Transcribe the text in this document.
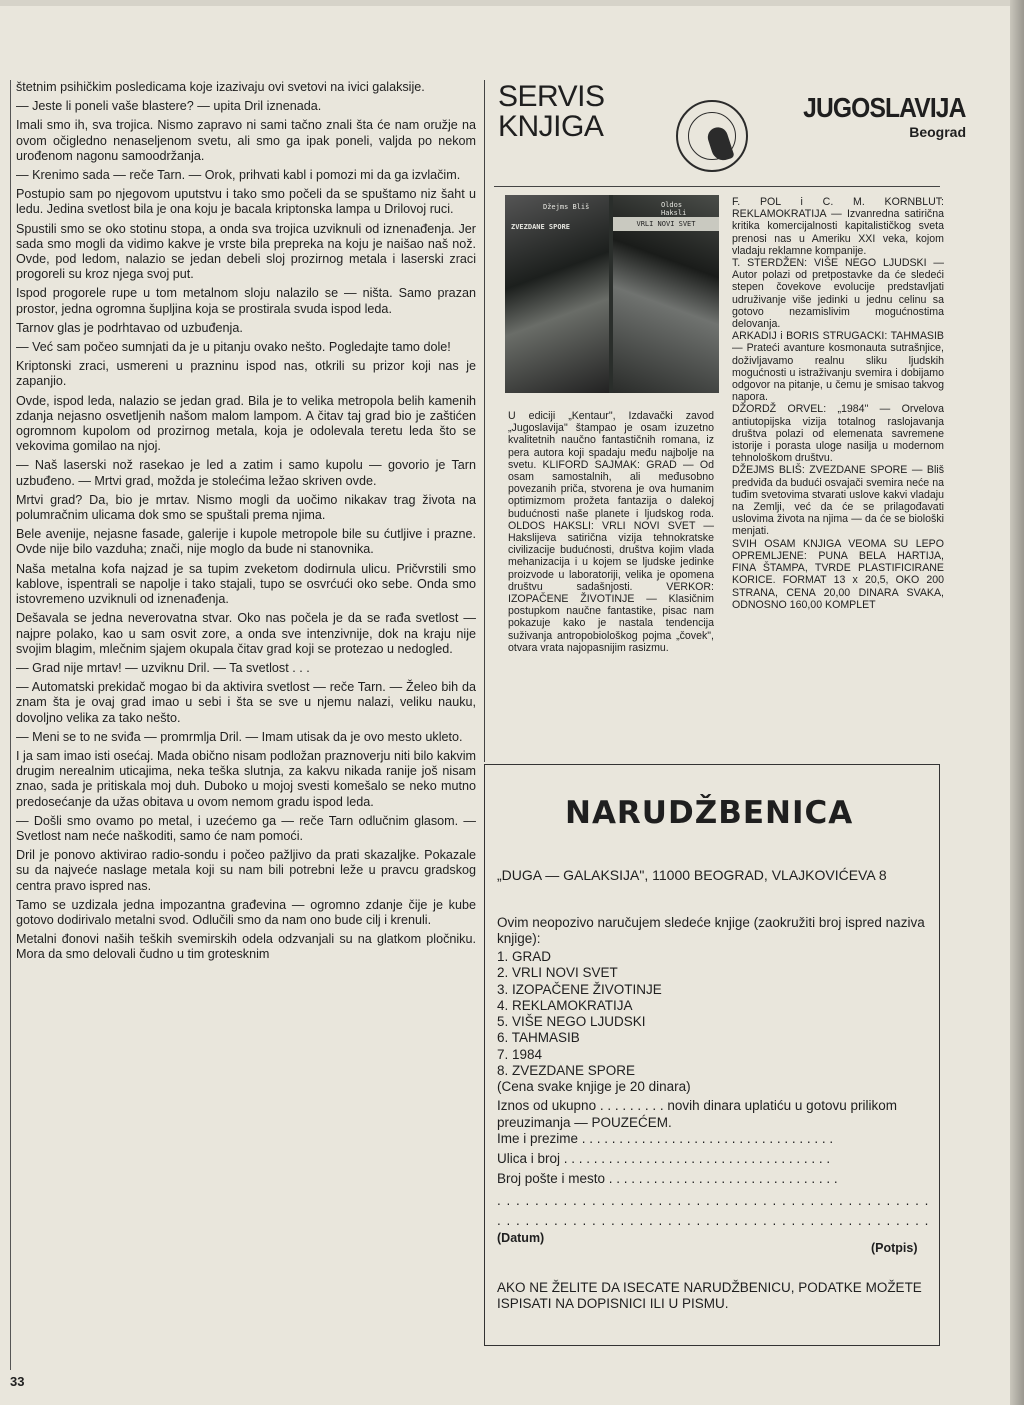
štetnim psihičkim posledicama koje izazivaju ovi svetovi na ivici galaksije.

— Jeste li poneli vaše blastere? — upita Dril iznenada.

Imali smo ih, sva trojica. Nismo zapravo ni sami tačno znali šta će nam oružje na ovom očigledno nenaseljenom svetu, ali smo ga ipak poneli, valjda po nekom urođenom nagonu samoodržanja.

— Krenimo sada — reče Tarn. — Orok, prihvati kabl i pomozi mi da ga izvlačim.

Postupio sam po njegovom uputstvu i tako smo počeli da se spuštamo niz šaht u ledu. Jedina svetlost bila je ona koju je bacala kriptonska lampa u Drilovoj ruci.

Spustili smo se oko stotinu stopa, a onda sva trojica uzviknuli od iznenađenja. Jer sada smo mogli da vidimo kakve je vrste bila prepreka na koju je naišao naš nož. Ovde, pod ledom, nalazio se jedan debeli sloj prozirnog metala i laserski zraci progoreli su kroz njega svoj put.

Ispod progorele rupe u tom metalnom sloju nalazilo se — ništa. Samo prazan prostor, jedna ogromna šupljina koja se prostirala svuda ispod leda.

Tarnov glas je podrhtavao od uzbuđenja.

— Već sam počeo sumnjati da je u pitanju ovako nešto. Pogledajte tamo dole!

Kriptonski zraci, usmereni u prazninu ispod nas, otkrili su prizor koji nas je zapanjio.

Ovde, ispod leda, nalazio se jedan grad. Bila je to velika metropola belih kamenih zdanja nejasno osvetljenih našom malom lampom. A čitav taj grad bio je zaštićen ogromnom kupolom od prozirnog metala, koja je odolevala teretu leda što se vekovima gomilao na njoj.

— Naš laserski nož rasekao je led a zatim i samo kupolu — govorio je Tarn uzbuđeno. — Mrtvi grad, možda je stolećima ležao skriven ovde.

Mrtvi grad? Da, bio je mrtav. Nismo mogli da uočimo nikakav trag života na polumračnim ulicama dok smo se spuštali prema njima.

Bele avenije, nejasne fasade, galerije i kupole metropole bile su ćutljive i prazne. Ovde nije bilo vazduha; znači, nije moglo da bude ni stanovnika.

Naša metalna kofa najzad je sa tupim zveketom dodirnula ulicu. Pričvrstili smo kablove, ispentrali se napolje i tako stajali, tupo se osvrćući oko sebe. Onda smo istovremeno uzviknuli od iznenađenja.

Dešavala se jedna neverovatna stvar. Oko nas počela je da se rađa svetlost — najpre polako, kao u sam osvit zore, a onda sve intenzivnije, dok na kraju nije svojim blagim, mlečnim sjajem okupala čitav grad koji se protezao u nedogled.

— Grad nije mrtav! — uzviknu Dril. — Ta svetlost . . .

— Automatski prekidač mogao bi da aktivira svetlost — reče Tarn. — Želeo bih da znam šta je ovaj grad imao u sebi i šta se sve u njemu nalazi, veliku nauku, dovoljno velika za tako nešto.

— Meni se to ne sviđa — promrmlja Dril. — Imam utisak da je ovo mesto ukleto.

I ja sam imao isti osećaj. Mada obično nisam podložan praznoverju niti bilo kakvim drugim nerealnim uticajima, neka teška slutnja, za kakvu nikada ranije još nisam znao, sada je pritiskala moj duh. Duboko u mojoj svesti komešalo se neko mutno predosećanje da užas obitava u ovom nemom gradu ispod leda.

— Došli smo ovamo po metal, i uzećemo ga — reče Tarn odlučnim glasom. — Svetlost nam neće naškoditi, samo će nam pomoći.

Dril je ponovo aktivirao radio-sondu i počeo pažljivo da prati skazaljke. Pokazale su da najveće naslage metala koji su nam bili potrebni leže u pravcu gradskog centra pravo ispred nas.

Tamo se uzdizala jedna impozantna građevina — ogromno zdanje čije je kube gotovo dodirivalo metalni svod. Odlučili smo da nam ono bude cilj i krenuli.

Metalni đonovi naših teških svemirskih odela odzvanjali su na glatkom pločniku. Mora da smo delovali čudno u tim grotesknim

33
SERVIS
KNJIGA
JUGOSLAVIJA
Beograd
Džejms Bliš
ZVEZDANE SPORE
Oldos Haksli
VRLI NOVI SVET
U ediciji „Kentaur", Izdavački zavod „Jugoslavija" štampao je osam izuzetno kvalitetnih naučno fantastičnih romana, iz pera autora koji spadaju među najbolje na svetu. KLIFORD SAJMAK: GRAD — Od osam samostalnih, ali međusobno povezanih priča, stvorena je ova humanim optimizmom prožeta fantazija o dalekoj budućnosti naše planete i ljudskog roda. OLDOS HAKSLI: VRLI NOVI SVET — Hakslijeva satirična vizija tehnokratske civilizacije budućnosti, društva kojim vlada mehanizacija i u kojem se ljudske jedinke proizvode u laboratoriji, velika je opomena društvu sadašnjosti. VERKOR: IZOPAČENE ŽIVOTINJE — Klasičnim postupkom naučne fantastike, pisac nam pokazuje kako je nastala tendencija suživanja antropobiološkog pojma „čovek", otvara vrata najopasnijim rasizmu.

F. POL i C. M. KORNBLUT: REKLAMOKRATIJA — Izvanredna satirična kritika komercijalnosti kapitalističkog sveta prenosi nas u Ameriku XXI veka, kojom vladaju reklamne kompanije.

T. STERDŽEN: VIŠE NEGO LJUDSKI — Autor polazi od pretpostavke da će sledeći stepen čovekove evolucije predstavljati udruživanje više jedinki u jednu celinu sa gotovo nezamislivim mogućnostima delovanja.

ARKADIJ i BORIS STRUGACKI: TAHMASIB — Prateći avanture kosmonauta sutrašnjice, doživljavamo realnu sliku ljudskih mogućnosti u istraživanju svemira i dobijamo odgovor na pitanje, u čemu je smisao takvog napora.

DŽORDŽ ORVEL: „1984" — Orvelova antiutopijska vizija totalnog raslojavanja društva polazi od elemenata savremene istorije i porasta uloge nasilja u modernom tehnološkom društvu.

DŽEJMS BLIŠ: ZVEZDANE SPORE — Bliš predviđa da budući osvajači svemira neće na tuđim svetovima stvarati uslove kakvi vladaju na Zemlji, već da će se prilagođavati uslovima života na njima — da će se biološki menjati.

SVIH OSAM KNJIGA VEOMA SU LEPO OPREMLJENE: PUNA BELA HARTIJA, FINA ŠTAMPA, TVRDE PLASTIFICIRANE KORICE. FORMAT 13 x 20,5, OKO 200 STRANA, CENA 20,00 DINARA SVAKA, ODNOSNO 160,00 KOMPLET

NARUDŽBENICA
„DUGA — GALAKSIJA", 11000 BEOGRAD, VLAJKOVIĆEVA 8
Ovim neopozivo naručujem sledeće knjige (zaokružiti broj ispred naziva knjige):
1. GRAD
2. VRLI NOVI SVET
3. IZOPAČENE ŽIVOTINJE
4. REKLAMOKRATIJA
5. VIŠE NEGO LJUDSKI
6. TAHMASIB
7. 1984
8. ZVEZDANE SPORE
(Cena svake knjige je 20 dinara)
Iznos od ukupno . . . . . . . . . novih dinara uplatiću u gotovu prilikom preuzimanja — POUZEĆEM.
Ime i prezime . . . . . . . . . . . . . . . . . . . . . . . . . . . . . . . . . .
Ulica i broj . . . . . . . . . . . . . . . . . . . . . . . . . . . . . . . . . . . .
Broj pošte i mesto . . . . . . . . . . . . . . . . . . . . . . . . . . . . . . .
. . . . . . . . . . . . . . . . . . . . . . . . . . . . . . . . . . . . . . . . . . . . . .
. . . . . . . . . . . . . . . . . . . . . . . . . . . . . . . . . . . . . . . . . . . . . .
(Datum)
(Potpis)
AKO NE ŽELITE DA ISECATE NARUDŽBENICU, PODATKE MOŽETE ISPISATI NA DOPISNICI ILI U PISMU.
